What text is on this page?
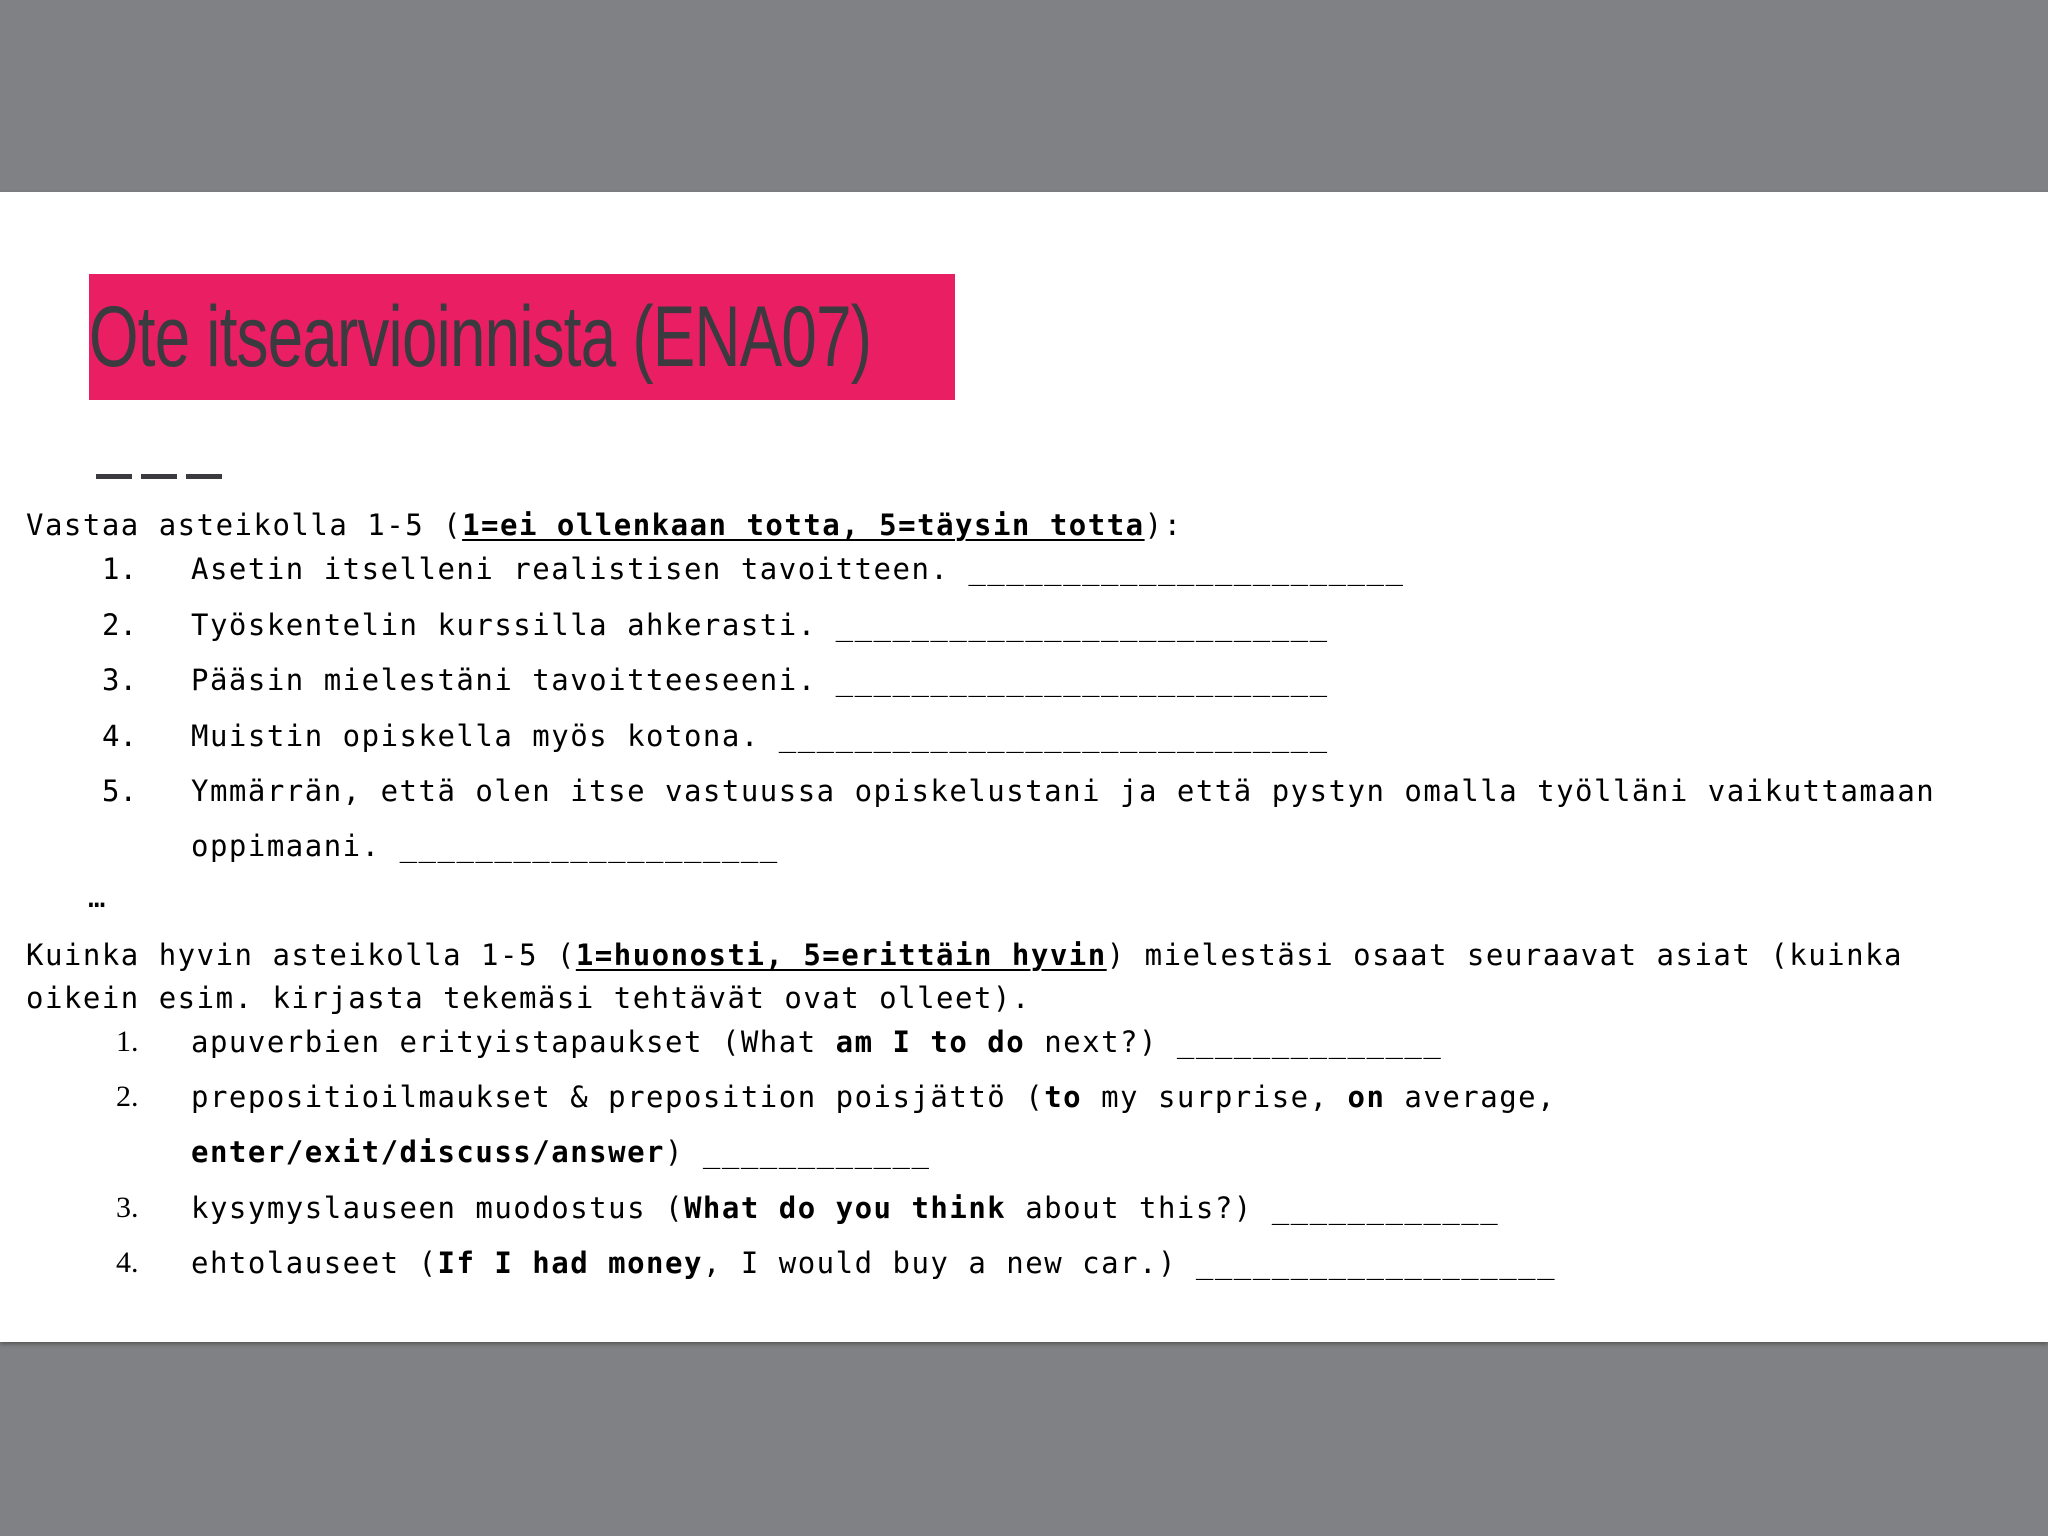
Ote itsearvioinnista (ENA07)
Vastaa asteikolla 1-5 (1=ei ollenkaan totta, 5=täysin totta):
1. Asetin itselleni realistisen tavoitteen. _______________________
2. Työskentelin kurssilla ahkerasti. __________________________
3. Pääsin mielestäni tavoitteeseeni. __________________________
4. Muistin opiskella myös kotona. _____________________________
5. Ymmärrän, että olen itse vastuussa opiskelustani ja että pystyn omalla työlläni vaikuttamaan
oppimaani. ____________________
…
Kuinka hyvin asteikolla 1-5 (1=huonosti, 5=erittäin hyvin) mielestäsi osaat seuraavat asiat (kuinka
oikein esim. kirjasta tekemäsi tehtävät ovat olleet).
1. apuverbien erityistapaukset (What am I to do next?) ______________
2. prepositioilmaukset & preposition poisjättö (to my surprise, on average,
enter/exit/discuss/answer) ____________
3. kysymyslauseen muodostus (What do you think about this?) ____________
4. ehtolauseet (If I had money, I would buy a new car.) ___________________
